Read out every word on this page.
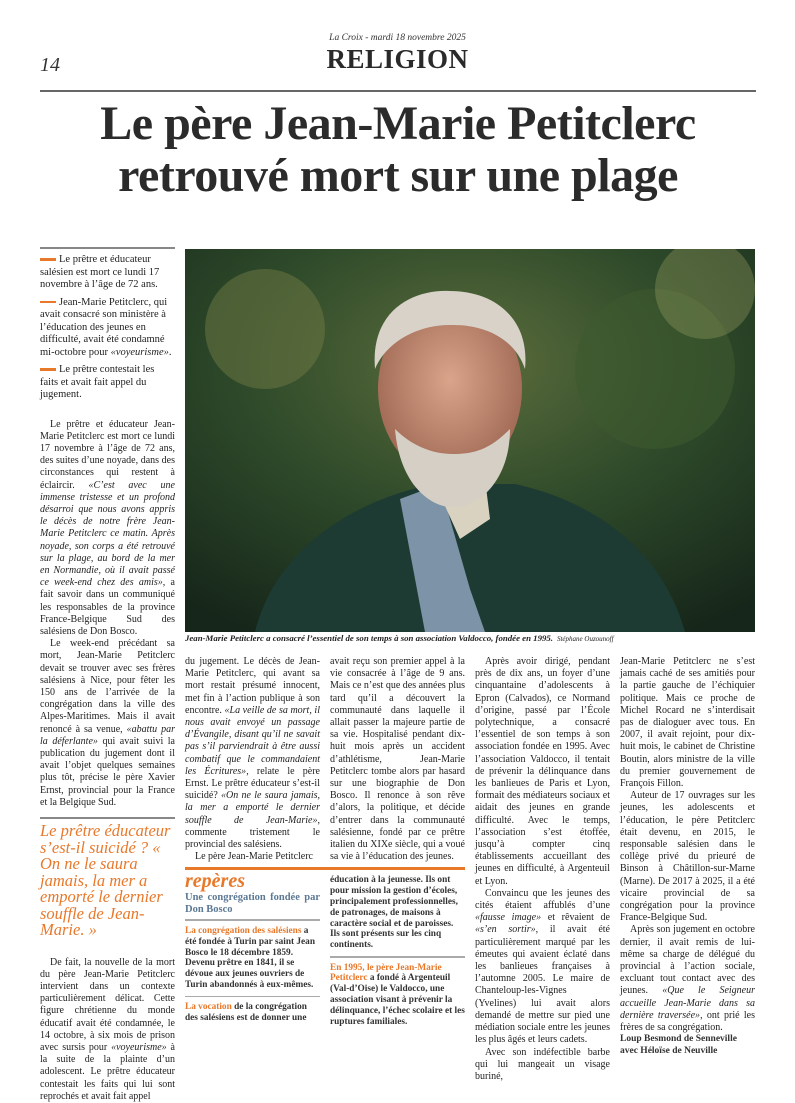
La Croix - mardi 18 novembre 2025
RELIGION
14
Le père Jean-Marie Petitclerc
retrouvé mort sur une plage
Le prêtre et éducateur salésien est mort ce lundi 17 novembre à l’âge de 72 ans.
Jean-Marie Petitclerc, qui avait consacré son ministère à l’éducation des jeunes en difficulté, avait été condamné mi-octobre pour «voyeurisme».
Le prêtre contestait les faits et avait fait appel du jugement.

Le prêtre et éducateur Jean-Marie Petitclerc est mort ce lundi 17 novembre à l’âge de 72 ans, des suites d’une noyade, dans des circonstances qui restent à éclaircir. «C’est avec une immense tristesse et un profond désarroi que nous avons appris le décès de notre frère Jean-Marie Petitclerc ce matin. Après noyade, son corps a été retrouvé sur la plage, au bord de la mer en Normandie, où il avait passé ce week-end chez des amis», a fait savoir dans un communiqué les responsables de la province France-Belgique Sud des salésiens de Don Bosco.

Le week-end précédant sa mort, Jean-Marie Petitclerc devait se trouver avec ses frères salésiens à Nice, pour fêter les 150 ans de l’arrivée de la congrégation dans la ville des Alpes-Maritimes. Mais il avait renoncé à sa venue, «abattu par la déferlante» qui avait suivi la publication du jugement dont il avait l’objet quelques semaines plus tôt, précise le père Xavier Ernst, provincial pour la France et la Belgique Sud.

Le prêtre éducateur s’est-il suicidé ? « On ne le saura jamais, la mer a emporté le dernier souffle de Jean-Marie. »

De fait, la nouvelle de la mort du père Jean-Marie Petitclerc intervient dans un contexte particulièrement délicat. Cette figure chrétienne du monde éducatif avait été condamnée, le 14 octobre, à six mois de prison avec sursis pour «voyeurisme» à la suite de la plainte d’un adolescent. Le prêtre éducateur contestait les faits qui lui sont reprochés et avait fait appel

Jean-Marie Petitclerc a consacré l’essentiel de son temps à son association Valdocco, fondée en 1995. Stéphane Ouzounoff

du jugement. Le décès de Jean-Marie Petitclerc, qui avant sa mort restait présumé innocent, met fin à l’action publique à son encontre. «La veille de sa mort, il nous avait envoyé un passage d’Évangile, disant qu’il ne savait pas s’il parviendrait à être aussi combatif que le commandaient les Écritures», relate le père Ernst. Le prêtre éducateur s’est-il suicidé? «On ne le saura jamais, la mer a emporté le dernier souffle de Jean-Marie», commente tristement le provincial des salésiens.

Le père Jean-Marie Petitclerc

repères
Une congrégation fondée par Don Bosco
La congrégation des salésiens a été fondée à Turin par saint Jean Bosco le 18 décembre 1859. Devenu prêtre en 1841, il se dévoue aux jeunes ouvriers de Turin abandonnés à eux-mêmes.
La vocation de la congrégation des salésiens est de donner une

avait reçu son premier appel à la vie consacrée à l’âge de 9 ans. Mais ce n’est que des années plus tard qu’il a découvert la communauté dans laquelle il allait passer la majeure partie de sa vie. Hospitalisé pendant dix-huit mois après un accident d’athlétisme, Jean-Marie Petitclerc tombe alors par hasard sur une biographie de Don Bosco. Il renonce à son rêve d’alors, la politique, et décide d’entrer dans la communauté salésienne, fondé par ce prêtre italien du XIXe siècle, qui a voué sa vie à l’éducation des jeunes.

éducation à la jeunesse. Ils ont pour mission la gestion d’écoles, principalement professionnelles, de patronages, de maisons à caractère social et de paroisses. Ils sont présents sur les cinq continents.
En 1995, le père Jean-Marie Petitclerc a fondé à Argenteuil (Val-d’Oise) le Valdocco, une association visant à prévenir la délinquance, l’échec scolaire et les ruptures familiales.

Après avoir dirigé, pendant près de dix ans, un foyer d’une cinquantaine d’adolescents à Epron (Calvados), ce Normand d’origine, passé par l’École polytechnique, a consacré l’essentiel de son temps à son association fondée en 1995. Avec l’association Valdocco, il tentait de prévenir la délinquance dans les banlieues de Paris et Lyon, formait des médiateurs sociaux et aidait des jeunes en grande difficulté. Avec le temps, l’association s’est étoffée, jusqu’à compter cinq établissements accueillant des jeunes en difficulté, à Argenteuil et Lyon.

Convaincu que les jeunes des cités étaient affublés d’une «fausse image» et rêvaient de «s’en sortir», il avait été particulièrement marqué par les émeutes qui avaient éclaté dans les banlieues françaises à l’automne 2005. Le maire de Chanteloup-les-Vignes (Yvelines) lui avait alors demandé de mettre sur pied une médiation sociale entre les jeunes les plus âgés et leurs cadets.

Avec son indéfectible barbe qui lui mangeait un visage buriné,

Jean-Marie Petitclerc ne s’est jamais caché de ses amitiés pour la partie gauche de l’échiquier politique. Mais ce proche de Michel Rocard ne s’interdisait pas de dialoguer avec tous. En 2007, il avait rejoint, pour dix-huit mois, le cabinet de Christine Boutin, alors ministre de la ville du premier gouvernement de François Fillon.

Auteur de 17 ouvrages sur les jeunes, les adolescents et l’éducation, le père Petitclerc était devenu, en 2015, le responsable salésien dans le collège privé du prieuré de Binson à Châtillon-sur-Marne (Marne). De 2017 à 2025, il a été vicaire provincial de sa congrégation pour la province France-Belgique Sud.

Après son jugement en octobre dernier, il avait remis de lui-même sa charge de délégué du provincial à l’action sociale, excluant tout contact avec des jeunes. «Que le Seigneur accueille Jean-Marie dans sa dernière traversée», ont prié les frères de sa congrégation.

Loup Besmond de Senneville
avec Héloïse de Neuville
